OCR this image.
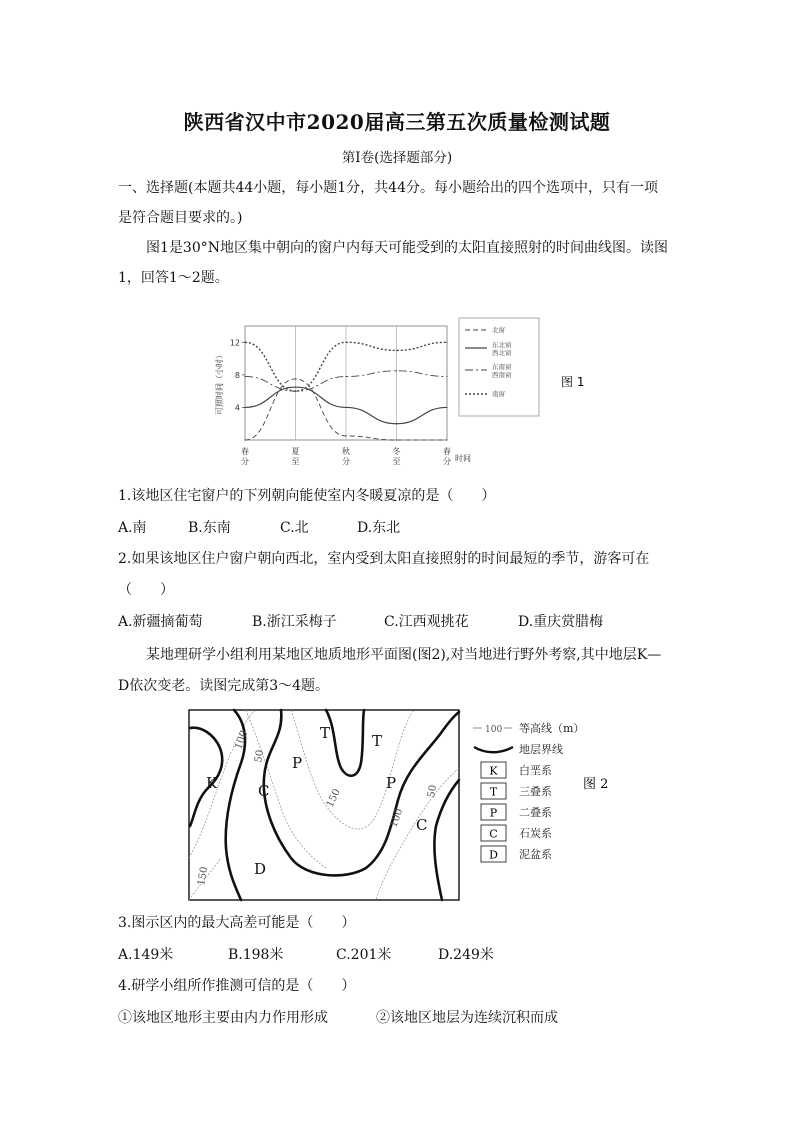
陕西省汉中市2020届高三第五次质量检测试题
第I卷(选择题部分)
一、选择题(本题共44小题，每小题1分，共44分。每小题给出的四个选项中，只有一项
是符合题目要求的。)
图1是30°N地区集中朝向的窗户内每天可能受到的太阳直接照射的时间曲线图。读图
1，回答1～2题。
春
分
夏
至
秋
分
冬
至
春
分 时间
4
8
12
可照时间（小时）
北窗
东北窗
西北窗
东南窗
西南窗
南窗
图 1
1.该地区住宅窗户的下列朝向能使室内冬暖夏凉的是（　　）
A.南	B.东南	C.北	D.东北
2.如果该地区住户窗户朝向西北，室内受到太阳直接照射的时间最短的季节，游客可在
（　　）
A.新疆摘葡萄	B.浙江采梅子	C.江西观挑花	D.重庆赏腊梅
某地理研学小组利用某地区地质地形平面图(图2),对当地进行野外考察,其中地层K—
D依次变老。读图完成第3～4题。
K	C
P
T	T
P
C
D
100
50
150
100
50
150
100 等高线（m）
地层界线
K 白垩系
T 三叠系
P 二叠系
C 石炭系
D 泥盆系
图 2
3.图示区内的最大高差可能是（　　）
A.149米	B.198米	C.201米	D.249米
4.研学小组所作推测可信的是（　　）
①该地区地形主要由内力作用形成	②该地区地层为连续沉积而成
